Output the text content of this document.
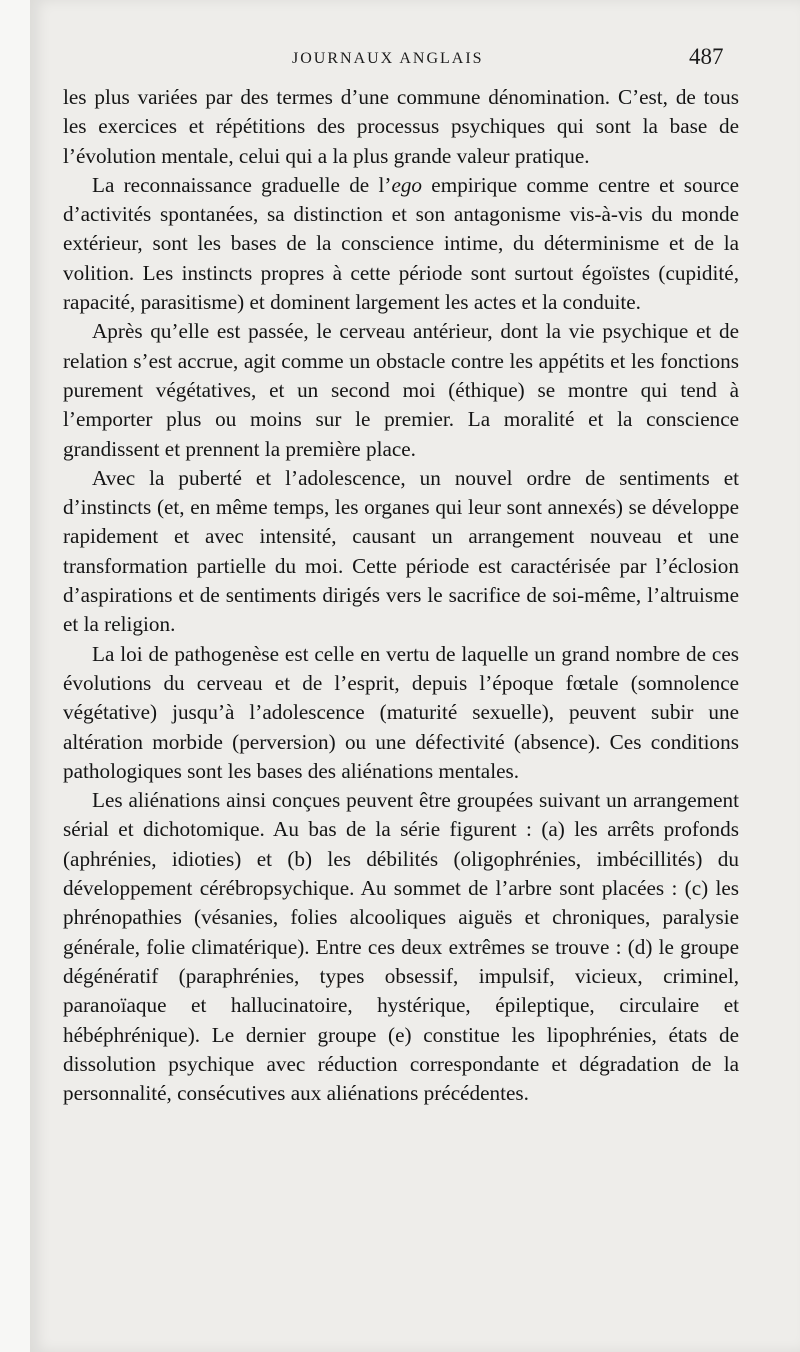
JOURNAUX ANGLAIS	487

les plus variées par des termes d’une commune dénomination. C’est, de tous les exercices et répétitions des processus psychiques qui sont la base de l’évolution mentale, celui qui a la plus grande valeur pratique.

La reconnaissance graduelle de l’ego empirique comme centre et source d’activités spontanées, sa distinction et son antagonisme vis-à-vis du monde extérieur, sont les bases de la conscience intime, du déterminisme et de la volition. Les instincts propres à cette période sont surtout égoïstes (cupidité, rapacité, parasitisme) et dominent largement les actes et la conduite.

Après qu’elle est passée, le cerveau antérieur, dont la vie psychique et de relation s’est accrue, agit comme un obstacle contre les appétits et les fonctions purement végétatives, et un second moi (éthique) se montre qui tend à l’emporter plus ou moins sur le premier. La moralité et la conscience grandissent et prennent la première place.

Avec la puberté et l’adolescence, un nouvel ordre de sentiments et d’instincts (et, en même temps, les organes qui leur sont annexés) se développe rapidement et avec intensité, causant un arrangement nouveau et une transformation partielle du moi. Cette période est caractérisée par l’éclosion d’aspirations et de sentiments dirigés vers le sacrifice de soi-même, l’altruisme et la religion.

La loi de pathogenèse est celle en vertu de laquelle un grand nombre de ces évolutions du cerveau et de l’esprit, depuis l’époque fœtale (somnolence végétative) jusqu’à l’adolescence (maturité sexuelle), peuvent subir une altération morbide (perversion) ou une défectivité (absence). Ces conditions pathologiques sont les bases des aliénations mentales.

Les aliénations ainsi conçues peuvent être groupées suivant un arrangement sérial et dichotomique. Au bas de la série figurent : (a) les arrêts profonds (aphrénies, idioties) et (b) les débilités (oligophrénies, imbécillités) du développement cérébropsychique. Au sommet de l’arbre sont placées : (c) les phrénopathies (vésanies, folies alcooliques aiguës et chroniques, paralysie générale, folie climatérique). Entre ces deux extrêmes se trouve : (d) le groupe dégénératif (paraphrénies, types obsessif, impulsif, vicieux, criminel, paranoïaque et hallucinatoire, hystérique, épileptique, circulaire et hébéphrénique). Le dernier groupe (e) constitue les lipophrénies, états de dissolution psychique avec réduction correspondante et dégradation de la personnalité, consécutives aux aliénations précédentes.
